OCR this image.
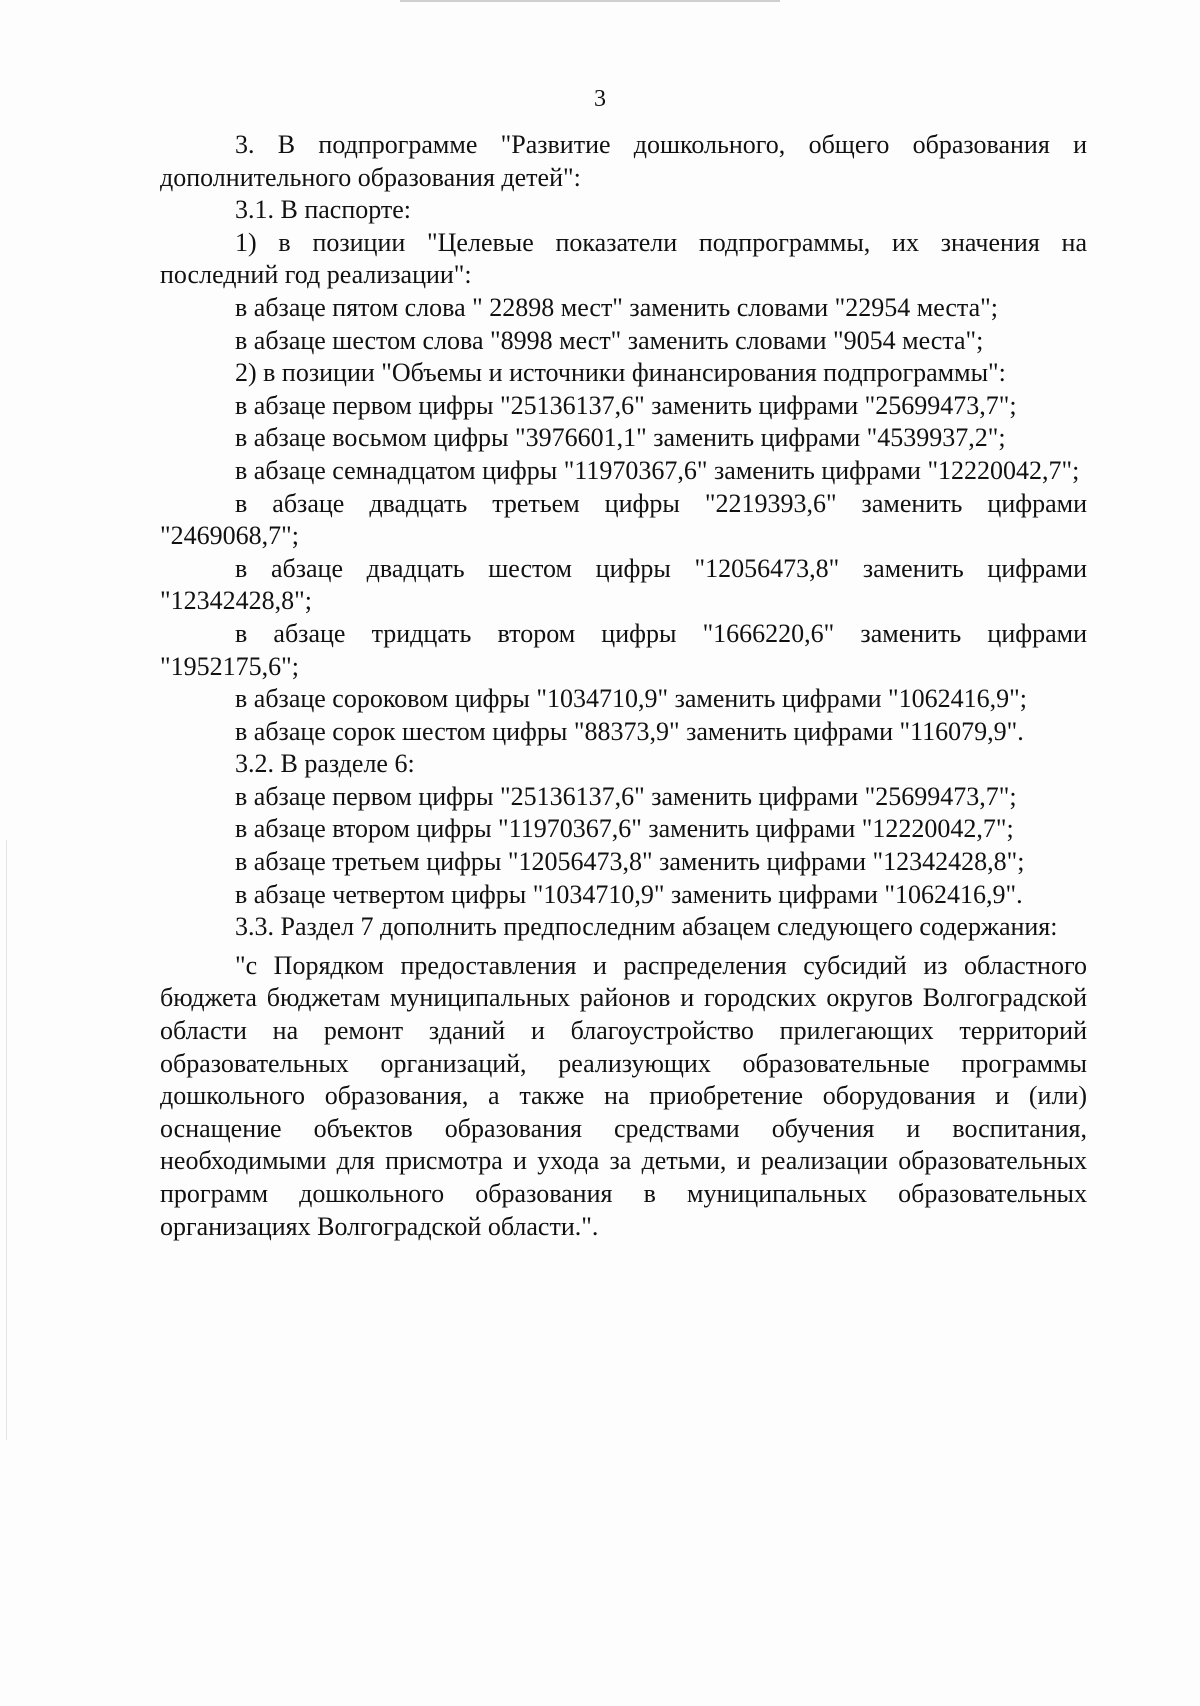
3

3. В подпрограмме "Развитие дошкольного, общего образования и дополнительного образования детей":

3.1. В паспорте:

1) в позиции "Целевые показатели подпрограммы, их значения на последний год реализации":

в абзаце пятом слова " 22898 мест" заменить словами "22954 места";

в абзаце шестом слова "8998 мест" заменить словами "9054 места";

2) в позиции "Объемы и источники финансирования подпрограммы":

в абзаце первом цифры "25136137,6" заменить цифрами "25699473,7";

в абзаце восьмом цифры "3976601,1" заменить цифрами "4539937,2";

в абзаце семнадцатом цифры "11970367,6" заменить цифрами "12220042,7";

в абзаце двадцать третьем цифры "2219393,6" заменить цифрами "2469068,7";

в абзаце двадцать шестом цифры "12056473,8" заменить цифрами "12342428,8";

в абзаце тридцать втором цифры "1666220,6" заменить цифрами "1952175,6";

в абзаце сороковом цифры "1034710,9" заменить цифрами "1062416,9";

в абзаце сорок шестом цифры "88373,9" заменить цифрами "116079,9".

3.2. В разделе 6:

в абзаце первом цифры "25136137,6" заменить цифрами "25699473,7";

в абзаце втором цифры "11970367,6" заменить цифрами "12220042,7";

в абзаце третьем цифры "12056473,8" заменить цифрами "12342428,8";

в абзаце четвертом цифры "1034710,9" заменить цифрами "1062416,9".

3.3. Раздел 7 дополнить предпоследним абзацем следующего содержания:

"с Порядком предоставления и распределения субсидий из областного бюджета бюджетам муниципальных районов и городских округов Волгоградской области на ремонт зданий и благоустройство прилегающих территорий образовательных организаций, реализующих образовательные программы дошкольного образования, а также на приобретение оборудования и (или) оснащение объектов образования средствами обучения и воспитания, необходимыми для присмотра и ухода за детьми, и реализации образовательных программ дошкольного образования в муниципальных образовательных организациях Волгоградской области.".
